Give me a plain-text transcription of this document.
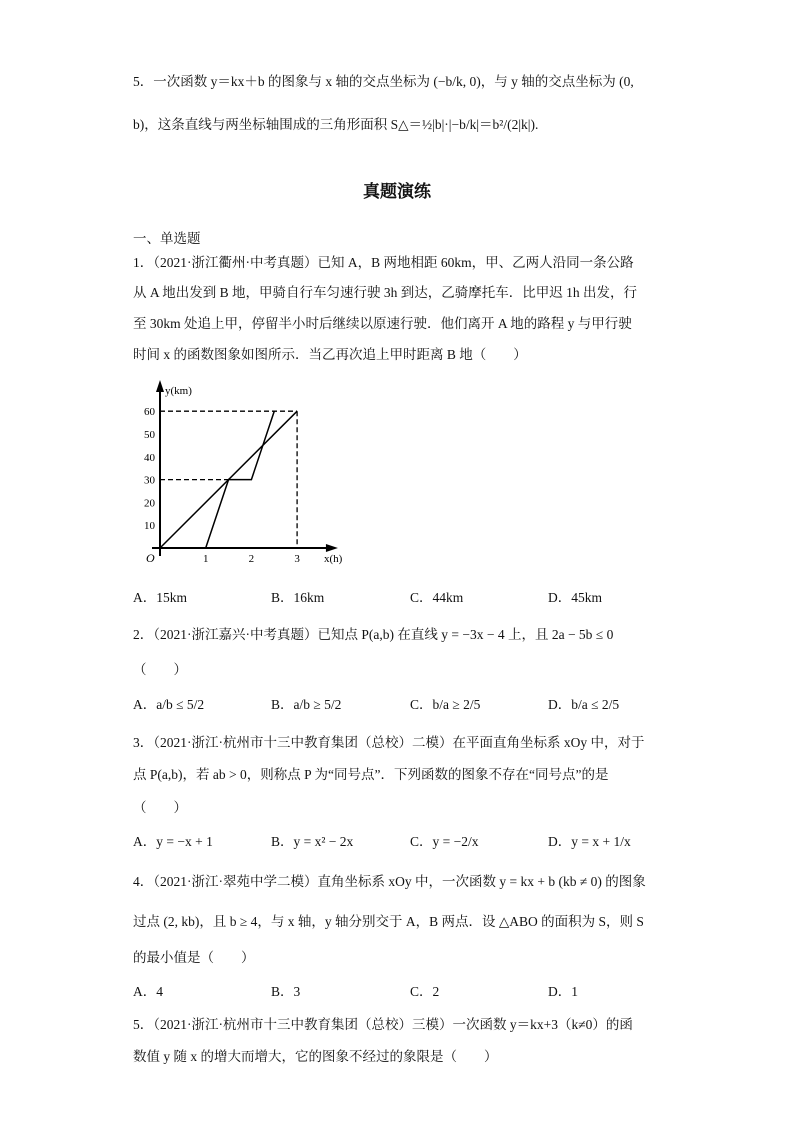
5．一次函数 y＝kx＋b 的图象与 x 轴的交点坐标为 (−b/k, 0)，与 y 轴的交点坐标为 (0,
b)，这条直线与两坐标轴围成的三角形面积 S△＝½|b|·|−b/k|＝b²/(2|k|).
真题演练
一、单选题
1．（2021·浙江衢州·中考真题）已知 A，B 两地相距 60km，甲、乙两人沿同一条公路
从 A 地出发到 B 地，甲骑自行车匀速行驶 3h 到达，乙骑摩托车．比甲迟 1h 出发，行
至 30km 处追上甲，停留半小时后继续以原速行驶．他们离开 A 地的路程 y 与甲行驶
时间 x 的函数图象如图所示．当乙再次追上甲时距离 B 地（　　）
1	2	3
10
20
30
40
50
60
O	x(h)
y(km)
A．15km	B．16km	C．44km	D．45km
2．（2021·浙江嘉兴·中考真题）已知点 P(a,b) 在直线 y = −3x − 4 上，且 2a − 5b ≤ 0
（　　）
A．a/b ≤ 5/2	B．a/b ≥ 5/2	C．b/a ≥ 2/5	D．b/a ≤ 2/5
3．（2021·浙江·杭州市十三中教育集团（总校）二模）在平面直角坐标系 xOy 中，对于
点 P(a,b)，若 ab > 0，则称点 P 为“同号点”．下列函数的图象不存在“同号点”的是
（　　）
A．y = −x + 1	B．y = x² − 2x	C．y = −2/x	D．y = x + 1/x
4．（2021·浙江·翠苑中学二模）直角坐标系 xOy 中，一次函数 y = kx + b (kb ≠ 0) 的图象
过点 (2, kb)，且 b ≥ 4，与 x 轴，y 轴分别交于 A，B 两点．设 △ABO 的面积为 S，则 S
的最小值是（　　）
A．4	B．3	C．2	D．1
5．（2021·浙江·杭州市十三中教育集团（总校）三模）一次函数 y＝kx+3（k≠0）的函
数值 y 随 x 的增大而增大，它的图象不经过的象限是（　　）
